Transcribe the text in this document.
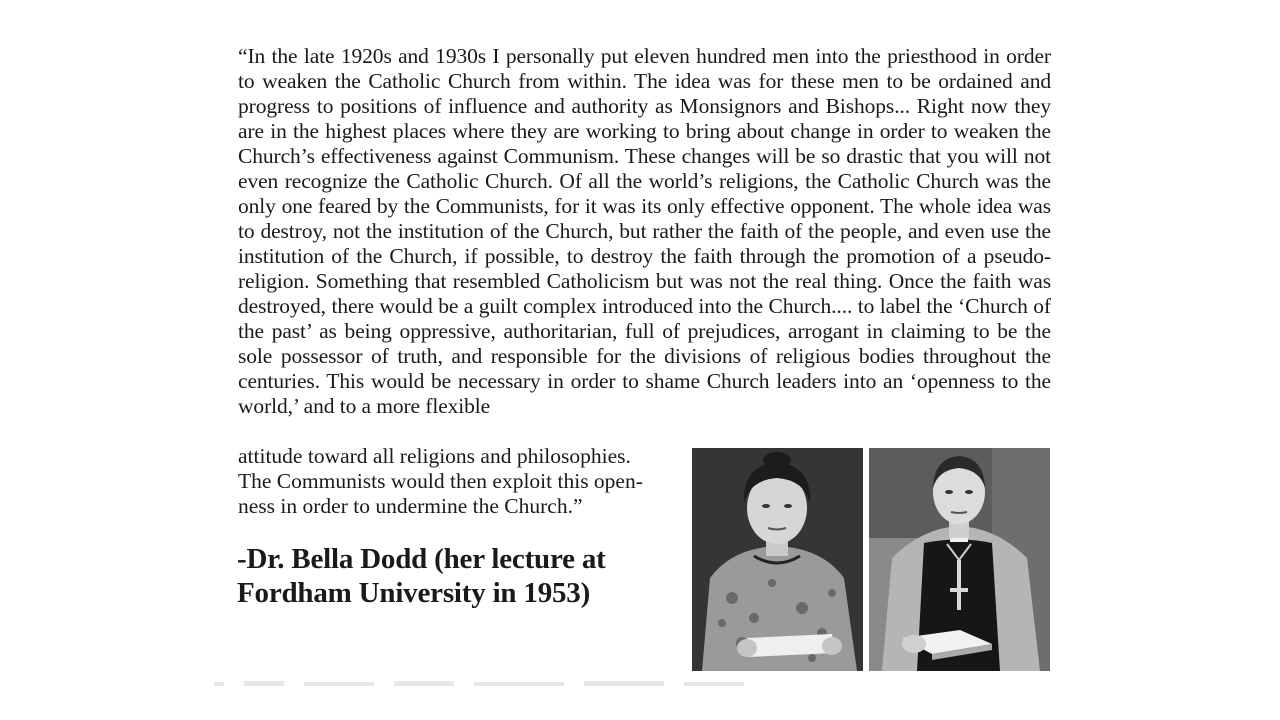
“In the late 1920s and 1930s I personally put eleven hundred men into the priesthood in order to weaken the Catholic Church from within. The idea was for these men to be ordained and progress to positions of influence and authority as Monsignors and Bishops... Right now they are in the highest places where they are working to bring about change in order to weaken the Church’s effectiveness against Communism. These changes will be so drastic that you will not even recognize the Catholic Church. Of all the world’s religions, the Catholic Church was the only one feared by the Communists, for it was its only effective opponent. The whole idea was to destroy, not the institution of the Church, but rather the faith of the people, and even use the institution of the Church, if possible, to destroy the faith through the promotion of a pseudo-religion. Something that resembled Catholicism but was not the real thing. Once the faith was destroyed, there would be a guilt complex introduced into the Church.... to label the ‘Church of the past’ as being oppressive, authoritarian, full of prejudices, arrogant in claiming to be the sole possessor of truth, and responsible for the divisions of religious bodies throughout the centuries. This would be necessary in order to shame Church leaders into an ‘openness to the world,’ and to a more flexible
attitude toward all religions and philosophies.
The Communists would then exploit this open-
ness in order to undermine the Church.”
-Dr. Bella Dodd (her lecture at
Fordham University in 1953)
